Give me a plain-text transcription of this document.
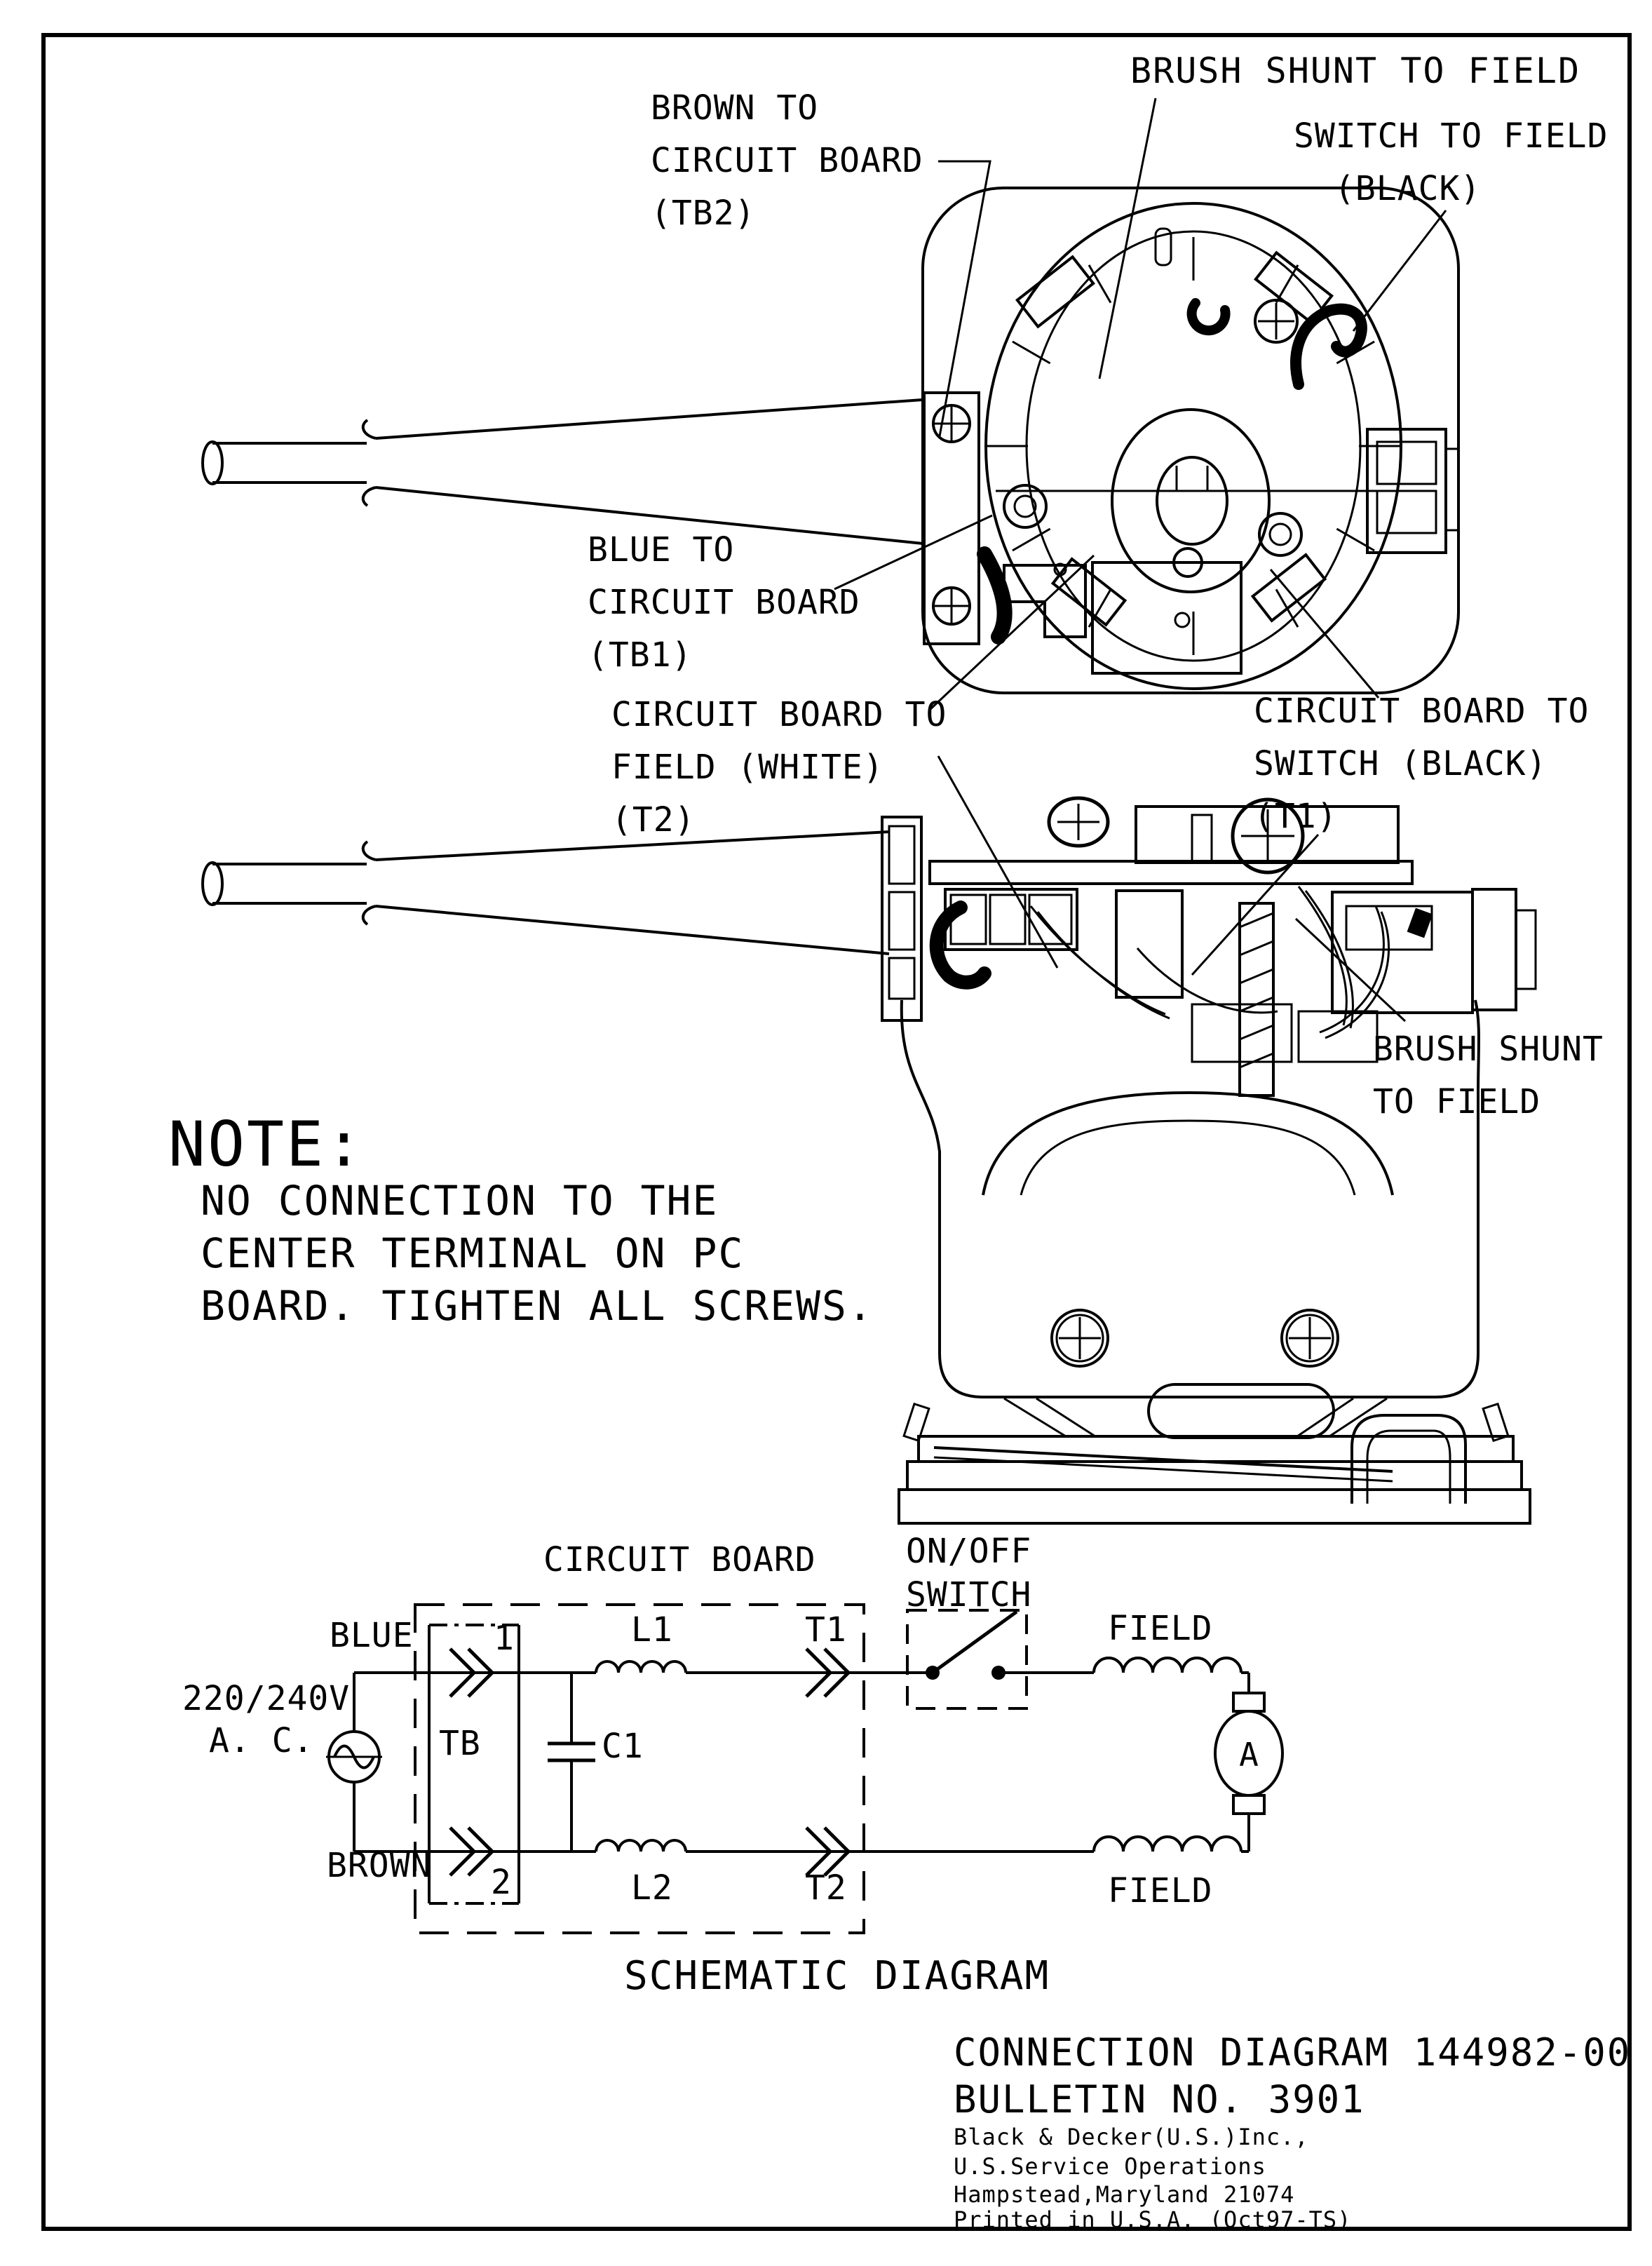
BROWN TO
CIRCUIT BOARD
(TB2)
BRUSH SHUNT TO FIELD
SWITCH TO FIELD
(BLACK)
BLUE TO
CIRCUIT BOARD
(TB1)
CIRCUIT BOARD TO
FIELD (WHITE)
(T2)
CIRCUIT BOARD TO
SWITCH (BLACK)
(T1)
BRUSH SHUNT
TO FIELD
NOTE:
NO CONNECTION TO THE
CENTER TERMINAL ON PC
BOARD. TIGHTEN ALL SCREWS.
CIRCUIT BOARD	ON/OFF
SWITCH
220/240V
A. C.
BLUE
BROWN
TB
1
2
L1	T1
C1
L2	T2
FIELD
FIELD
A
SCHEMATIC DIAGRAM
CONNECTION DIAGRAM 144982-00
BULLETIN NO. 3901
Black & Decker(U.S.)Inc.,
U.S.Service Operations
Hampstead,Maryland 21074
Printed in U.S.A. (Oct97-TS)
